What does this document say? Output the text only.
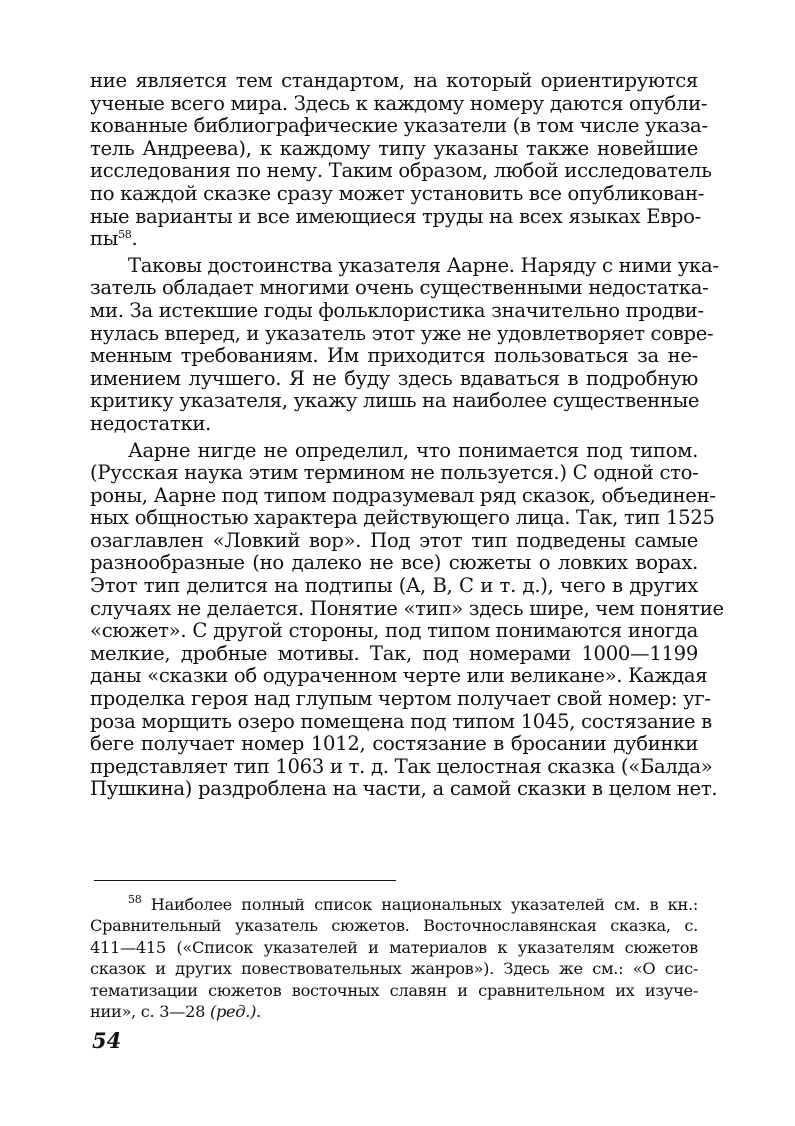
ние является тем стандартом, на который ориентируются
ученые всего мира. Здесь к каждому номеру даются опубли-
кованные библиографические указатели (в том числе указа-
тель Андреева), к каждому типу указаны также новейшие
исследования по нему. Таким образом, любой исследователь
по каждой сказке сразу может установить все опубликован-
ные варианты и все имеющиеся труды на всех языках Евро-
$пы^{58}$.
Таковы достоинства указателя Аарне. Наряду с ними ука-
затель обладает многими очень существенными недостатка-
ми. За истекшие годы фольклористика значительно продви-
нулась вперед, и указатель этот уже не удовлетворяет совре-
менным требованиям. Им приходится пользоваться за не-
имением лучшего. Я не буду здесь вдаваться в подробную
критику указателя, укажу лишь на наиболее существенные
недостатки.
Аарне нигде не определил, что понимается под типом.
(Русская наука этим термином не пользуется.) С одной сто-
роны, Аарне под типом подразумевал ряд сказок, объединен-
ных общностью характера действующего лица. Так, тип 1525
озаглавлен «Ловкий вор». Под этот тип подведены самые
разнообразные (но далеко не все) сюжеты о ловких ворах.
Этот тип делится на подтипы (A, B, C и т. д.), чего в других
случаях не делается. Понятие «тип» здесь шире, чем понятие
«сюжет». С другой стороны, под типом понимаются иногда
мелкие, дробные мотивы. Так, под номерами 1000—1199
даны «сказки об одураченном черте или великане». Каждая
проделка героя над глупым чертом получает свой номер: уг-
роза морщить озеро помещена под типом 1045, состязание в
беге получает номер 1012, состязание в бросании дубинки
представляет тип 1063 и т. д. Так целостная сказка («Балда»
Пушкина) раздроблена на части, а самой сказки в целом нет.
$^{58}$ Наиболее полный список национальных указателей см. в кн.:
Сравнительный указатель сюжетов. Восточнославянская сказка, с.
411—415 («Список указателей и материалов к указателям сюжетов
сказок и других повествовательных жанров»). Здесь же см.: «О сис-
тематизации сюжетов восточных славян и сравнительном их изуче-
нии», с. 3—28 (ред.).
54
